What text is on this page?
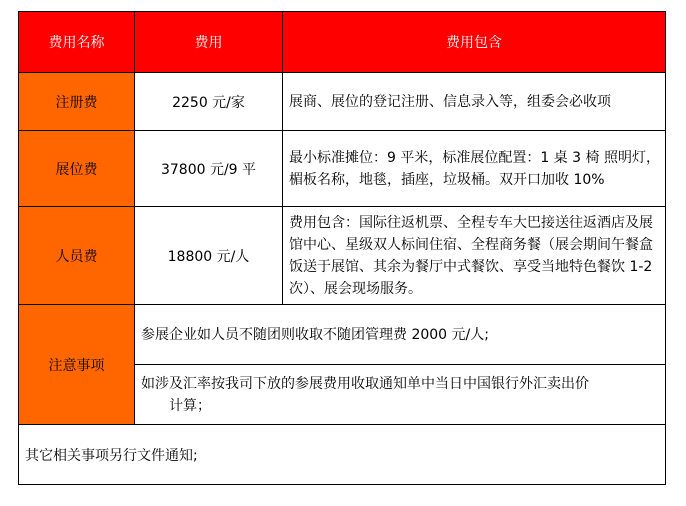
费用名称	费用	费用包含
注册费	2250 元/家	展商、展位的登记注册、信息录入等，组委会必收项
展位费	37800 元/9 平	最小标准摊位：9 平米，标准展位配置：1 桌 3 椅 照明灯，楣板名称，地毯，插座，垃圾桶。双开口加收 10%
人员费	18800 元/人	费用包含：国际往返机票、全程专车大巴接送往返酒店及展馆中心、星级双人标间住宿、全程商务餐（展会期间午餐盒饭送于展馆、其余为餐厅中式餐饮、享受当地特色餐饮 1-2 次）、展会现场服务。
注意事项	参展企业如人员不随团则收取不随团管理费 2000 元/人;	
	如涉及汇率按我司下放的参展费用收取通知单中当日中国银行外汇卖出价
计算；	

其它相关事项另行文件通知;		
